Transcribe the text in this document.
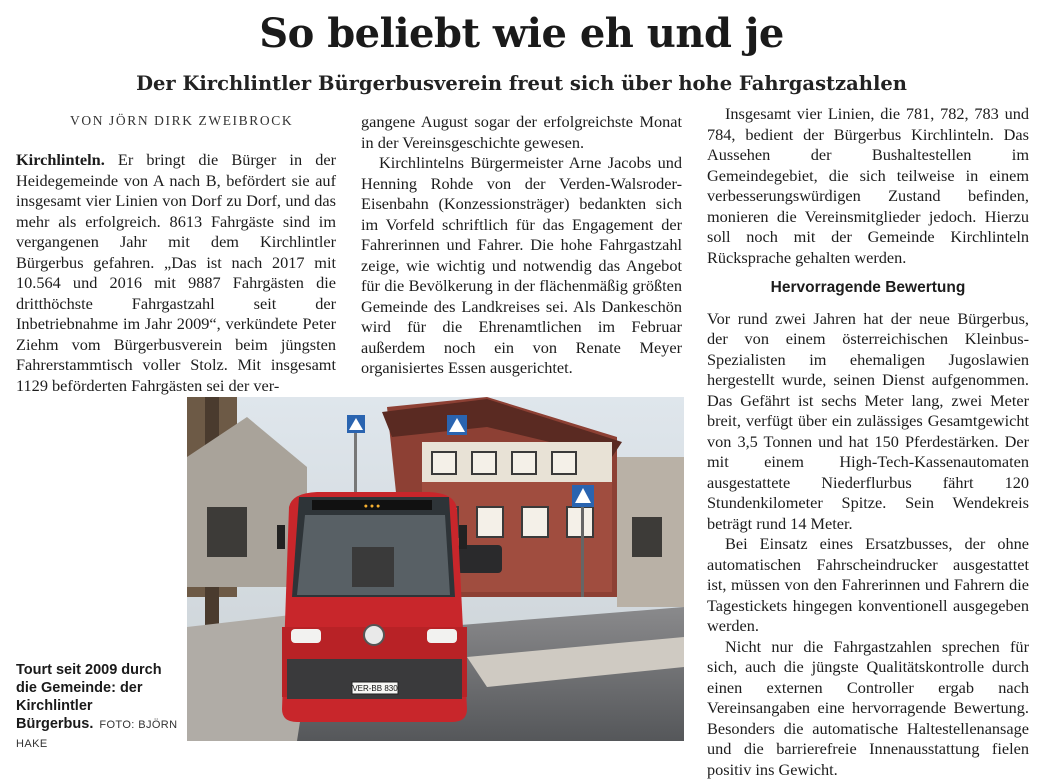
So beliebt wie eh und je
Der Kirchlintler Bürgerbusverein freut sich über hohe Fahrgastzahlen
VON JÖRN DIRK ZWEIBROCK

Kirchlinteln. Er bringt die Bürger in der Heidegemeinde von A nach B, befördert sie auf insgesamt vier Linien von Dorf zu Dorf, und das mehr als erfolgreich. 8613 Fahrgäste sind im vergangenen Jahr mit dem Kirchlintler Bürgerbus gefahren. „Das ist nach 2017 mit 10.564 und 2016 mit 9887 Fahrgästen die dritthöchste Fahrgastzahl seit der Inbetriebnahme im Jahr 2009“, verkündete Peter Ziehm vom Bürgerbusverein beim jüngsten Fahrerstammtisch voller Stolz. Mit insgesamt 1129 beförderten Fahrgästen sei der ver-

gangene August sogar der erfolgreichste Monat in der Vereinsgeschichte gewesen.

Kirchlintelns Bürgermeister Arne Jacobs und Henning Rohde von der Verden-Walsroder-Eisenbahn (Konzessionsträger) bedankten sich im Vorfeld schriftlich für das Engagement der Fahrerinnen und Fahrer. Die hohe Fahrgastzahl zeige, wie wichtig und notwendig das Angebot für die Bevölkerung in der flächenmäßig größten Gemeinde des Landkreises sei. Als Dankeschön wird für die Ehrenamtlichen im Februar außerdem noch ein von Renate Meyer organisiertes Essen ausgerichtet.

Insgesamt vier Linien, die 781, 782, 783 und 784, bedient der Bürgerbus Kirchlinteln. Das Aussehen der Bushaltestellen im Gemeindegebiet, die sich teilweise in einem verbesserungswürdigen Zustand befinden, monieren die Vereinsmitglieder jedoch. Hierzu soll noch mit der Gemeinde Kirchlinteln Rücksprache gehalten werden.

Hervorragende Bewertung

Vor rund zwei Jahren hat der neue Bürgerbus, der von einem österreichischen Kleinbus-Spezialisten im ehemaligen Jugoslawien hergestellt wurde, seinen Dienst aufgenommen. Das Gefährt ist sechs Meter lang, zwei Meter breit, verfügt über ein zulässiges Gesamtgewicht von 3,5 Tonnen und hat 150 Pferdestärken. Der mit einem High-Tech-Kassenautomaten ausgestattete Niederflurbus fährt 120 Stundenkilometer Spitze. Sein Wendekreis beträgt rund 14 Meter.

Bei Einsatz eines Ersatzbusses, der ohne automatischen Fahrscheindrucker ausgestattet ist, müssen von den Fahrerinnen und Fahrern die Tagestickets hingegen konventionell ausgegeben werden.

Nicht nur die Fahrgastzahlen sprechen für sich, auch die jüngste Qualitätskontrolle durch einen externen Controller ergab nach Vereinsangaben eine hervorragende Bewertung. Besonders die automatische Haltestellenansage und die barrierefreie Innenausstattung fielen positiv ins Gewicht.

● ● ●
VER-BB 830
Tourt seit 2009 durch die Gemeinde: der Kirchlintler Bürgerbus. FOTO: BJÖRN HAKE
